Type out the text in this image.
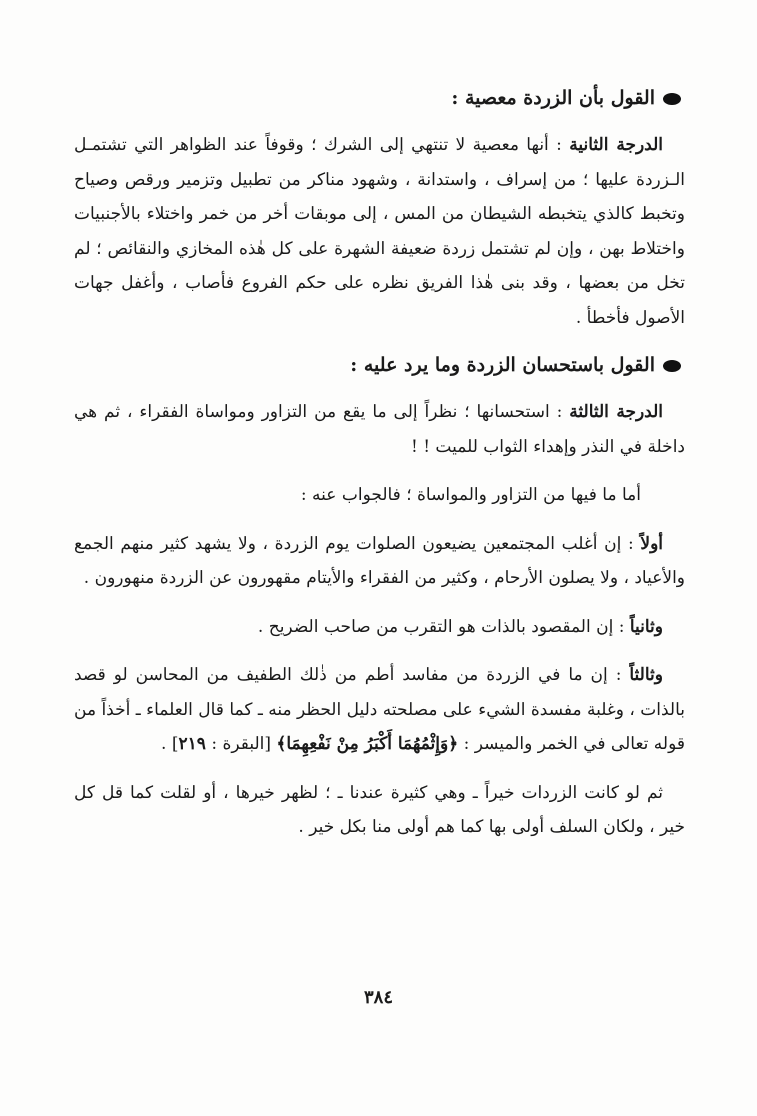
القول بأن الزردة معصية :

الدرجة الثانية : أنها معصية لا تنتهي إلى الشرك ؛ وقوفاً عند الظواهر التي تشتمـل الـزردة عليها ؛ من إسراف ، واستدانة ، وشهود مناكر من تطبيل وتزمير ورقص وصياح وتخبط كالذي يتخبطه الشيطان من المس ، إلى موبقات أخر من خمر واختلاء بالأجنبيات واختلاط بهن ، وإن لم تشتمل زردة ضعيفة الشهرة على كل هٰذه المخازي والنقائص ؛ لم تخل من بعضها ، وقد بنى هٰذا الفريق نظره على حكم الفروع فأصاب ، وأغفل جهات الأصول فأخطأ .

القول باستحسان الزردة وما يرد عليه :

الدرجة الثالثة : استحسانها ؛ نظراً إلى ما يقع من التزاور ومواساة الفقراء ، ثم هي داخلة في النذر وإهداء الثواب للميت ! !

أما ما فيها من التزاور والمواساة ؛ فالجواب عنه :

أولاً : إن أغلب المجتمعين يضيعون الصلوات يوم الزردة ، ولا يشهد كثير منهم الجمع والأعياد ، ولا يصلون الأرحام ، وكثير من الفقراء والأيتام مقهورون عن الزردة منهورون .

وثانياً : إن المقصود بالذات هو التقرب من صاحب الضريح .

وثالثاً : إن ما في الزردة من مفاسد أطم من ذٰلك الطفيف من المحاسن لو قصد بالذات ، وغلبة مفسدة الشيء على مصلحته دليل الحظر منه ـ كما قال العلماء ـ أخذاً من قوله تعالى في الخمر والميسر : ﴿وَإِثْمُهُمَا أَكْبَرُ مِنْ نَفْعِهِمَا﴾ [البقرة : ٢١٩] .

ثم لو كانت الزردات خيراً ـ وهي كثيرة عندنا ـ ؛ لظهر خيرها ، أو لقلت كما قل كل خير ، ولكان السلف أولى بها كما هم أولى منا بكل خير .

٣٨٤
